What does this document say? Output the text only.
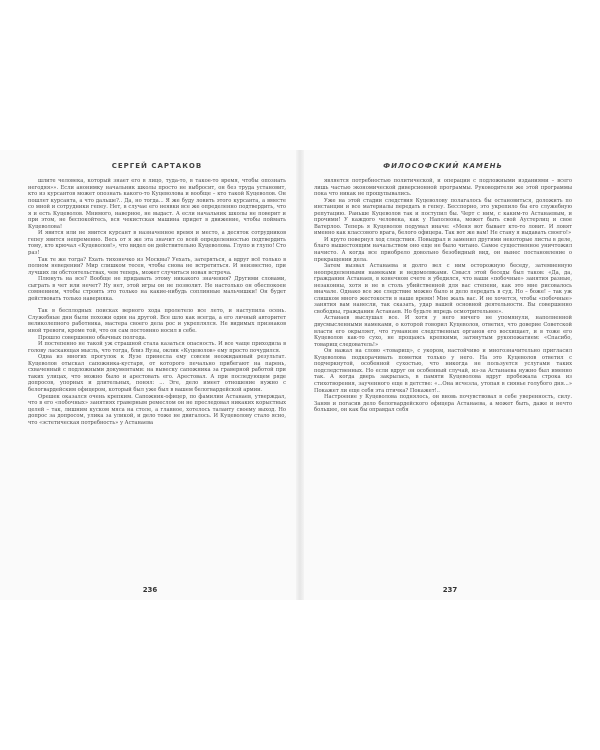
СЕРГЕЙ САРТАКОВ

шлите человека, который знает его в лицо, туда-то, в такое-то время, чтобы опознать негодяя»». Если анонимку начальник школы просто не выбросит, он без труда установит, кто из курсантов может опознать какого-то Куцеволова и вообще – кто такой Куцеволов. Он пошлет курсанта, а что дальше?.. Да, но тогда... Я же буду ловить этого курсанта, а вместе со мной и сотрудники гепеу. Нет, в случае его неявки все же определенно подтвердить, что я и есть Куцеволов. Мнимого, наверное, не выдаст. А если начальник школы не поверит и при этом, не беспокойтесь, вся чекистская машина придет в движение, чтобы поймать Куцеволова!

И явится или не явится курсант в назначенное время и место, а десяток сотрудников гепеу явится непременно. Весь от я же эта значит со всей определенностью подтвердить тому, кто крючал «Куцеволов!», что видел он действительно Куцеволова. Глупо и глупо! Сто раз!

Так те же тогда? Ехать тихонечко из Москвы? Уехать, затеряться, а вдруг всё только в полном неведении? Мир слишком тесен, чтобы снова не встретиться. И неизвестно, при лучших ли обстоятельствах, чем теперь, может случиться новая встреча.

Плюнуть на все? Вообще не придавать этому никакого значения? Другими словами, сыграть в чет или нечет? Ну нет, этой игры он не позволит. Не настолько он обеспокоен сомнением, чтобы строить это только на какие-нибудь соплинные мальчишки! Он будет действовать только наверняка.

Так в бесплодных поисках верного хода пролетело все лето, и наступила осень. Служебные дни были похожи один на другой. Все шло как всегда, а его личный авторитет великолепного работника, мастера своего дела рос и укреплялся. Не видимых признаков иной тревоги, кроме той, что он сам постоянно носил в себе.

Прошло совершенно обычных полгода.

И постепенно не такой уж страшной стала казаться опасность. И все чаще приходила в голову ласкающая мысль, что тогда, близ Яузы, оклик «Куцеволов» ему просто почудился.

Одна из многих прогулок к Яузе принесла ему совсем неожиданный результат. Куцеволов отыскал сапожника-кустаря, от которого печально прибегают на парень, схваченный с подложными документами: на вывеску сапожника за граверной работой при таких улицах, что можно было и арестовать его. Арестовал. А при последующем ряде допросов, упорных и длительных, понял: ... Эге, дело имеет отношение нужно с белогвардейским офицером, который был уже был в вашем белогвардейской армии.

Орешек оказался очень крепким. Сапожник-офицер, по фамилии Астанаев, утверждал, что в его «побочных» занятиях граверным ремеслом он не преследовал никаких корыстных целей – так, лишним куском мяса на столе, а главное, хотелось таланту своему выход. Но допрос за допросом, улика за уликой, и дело тоже не двигалось. И Куцеволову стало ясно, что «эстетическая потребность» у Астанаева

236
ФИЛОСОФСКИЙ КАМЕНЬ

является потребностью политической, и операции с подложными изданиями – всего лишь частью экономической диверсионной программы. Руководители же этой программы пока что никак не прощупывались.

Уже на этой стадии следствия Куцеволову полагалось бы остановиться, доложить по инстанции и все материалы передать в гепеу. Бесспорно, это укрепило бы его служебную репутацию. Раньше Куцеволов так и поступил бы. Черт с ним, с каким-то Астанаевым, и прочими! У каждого человека, как у Наполеона, может быть свой Аустерлиц и свое Ватерлоо. Теперь я Куцеволов подумал иначе: «Меня вот бывает кто-то ловит. И ловят именно как классового врага, белого офицера. Так вот же вам! Не стану я выдавать своего!»

И круто повернул ход следствия. Повыдрал и заменил другими некоторые листы в деле, благо вышестоящим начальством оно еще не было читано. Самое существенное уничтожил начисто. А когда все приобрело довольно безобидный вид, он вынес постановление о прекращении дела.

Затем вызвал Астанаева и долго вел с ним осторожную беседу, затемненную неопределенными намеками и недомолвками. Смысл этой беседы был таков: «Да, да, гражданин Астанаев, в конечном счете я убедился, что ваши «побочные» занятия разные, незаконны, хотя и не в столь убийственной для вас степени, как это мне рисовалось вначале. Однако все же следствие можно было и дело передать в суд. Но – боже! – так уж слишком много жестокости в наше время! Мне жаль вас. И не хочется, чтобы «побочные» занятия вам нанесли, так сказать, удар вашей основной деятельности. Вы совершенно свободны, гражданин Астанаев. Но будьте впредь осмотрительнее».

Астанаев выслушал все. И хотя у него ничего не упомянули, наполненной двусмысленными намеками, о которой говорил Куцеволов, ответил, что доверие Советской власти его окрыляет, что гуманизм следственных органов его восхищает, и в тоже его Куцеволов как-то сухо, не прощаясь крепкими, затянутым рукопожатием: «Спасибо, товарищ следователь!»

Он нажал на слово «товарищ», с укором, настойчиво и многозначительно пригласил Куцеволова подкорачивать пометки только у него. На это Куцеволов ответил с подчеркнутой, особенной сухостью, что никогда не пользуется услугами таких подследственных. Но если вдруг он особенный случай, из-за Астанаева нужно был именно так. А когда дверь закрылась, в памяти Куцеволова вдруг пробежала строка из стихотворения, заученного еще в детстве: «...Она исчезла, утопая в сиянье голубого дня...» Покажет ли еще себя эта птичка? Покажет!..

Настроение у Куцеволова поднялось, он вновь почувствовал в себе уверенность, силу. Заняв и погасив дело белогвардейского офицера Астанаева, а может быть, даже и нечто большее, он как бы оправдал себя

237
